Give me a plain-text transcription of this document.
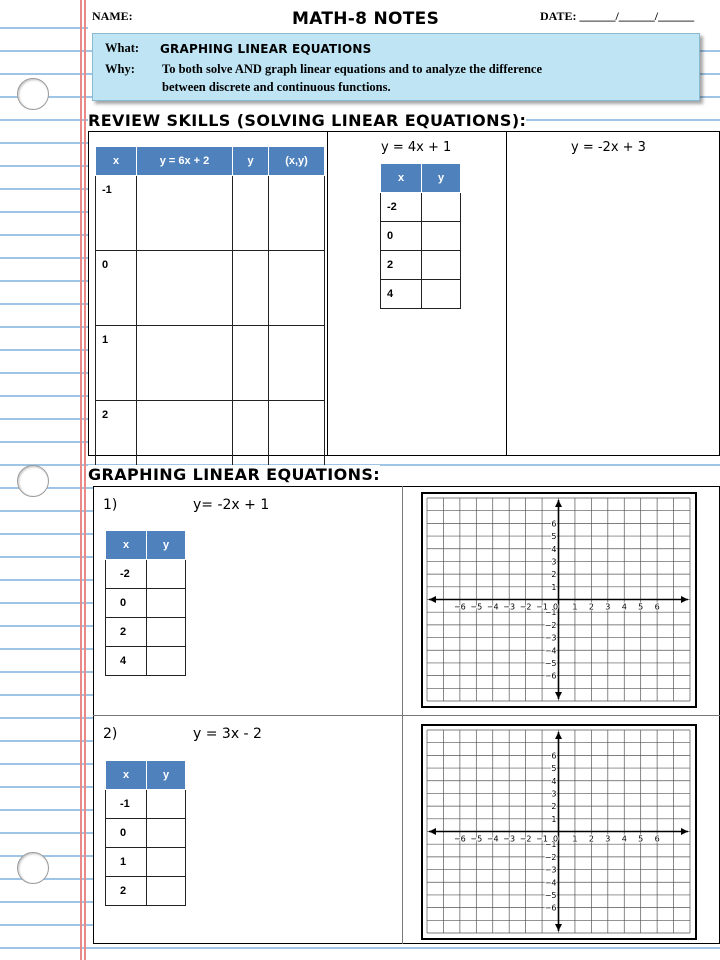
NAME:	MATH-8 NOTES	DATE: ______/______/______
What: GRAPHING LINEAR EQUATIONS
Why: To both solve AND graph linear equations and to analyze the difference
between discrete and continuous functions.
REVIEW SKILLS (SOLVING LINEAR EQUATIONS):
x	y = 6x + 2	y	(x,y)
-1			
0			
1			
2			
y = 4x + 1
x	y
-2	
0	
2	
4	
y = -2x + 3
GRAPHING LINEAR EQUATIONS:
1)	y= -2x + 1
x	y
-2	
0	
2	
4	
−6
−6
−5
−5
−4
−4
−3
−3
−2
−2
−1
−1
0 1
1
2
2
3
3
4
4
5
5
6
6
2)	y = 3x - 2
x	y
-1	
0	
1	
2	
−6
−6
−5
−5
−4
−4
−3
−3
−2
−2
−1
−1
0 1
1
2
2
3
3
4
4
5
5
6
6
